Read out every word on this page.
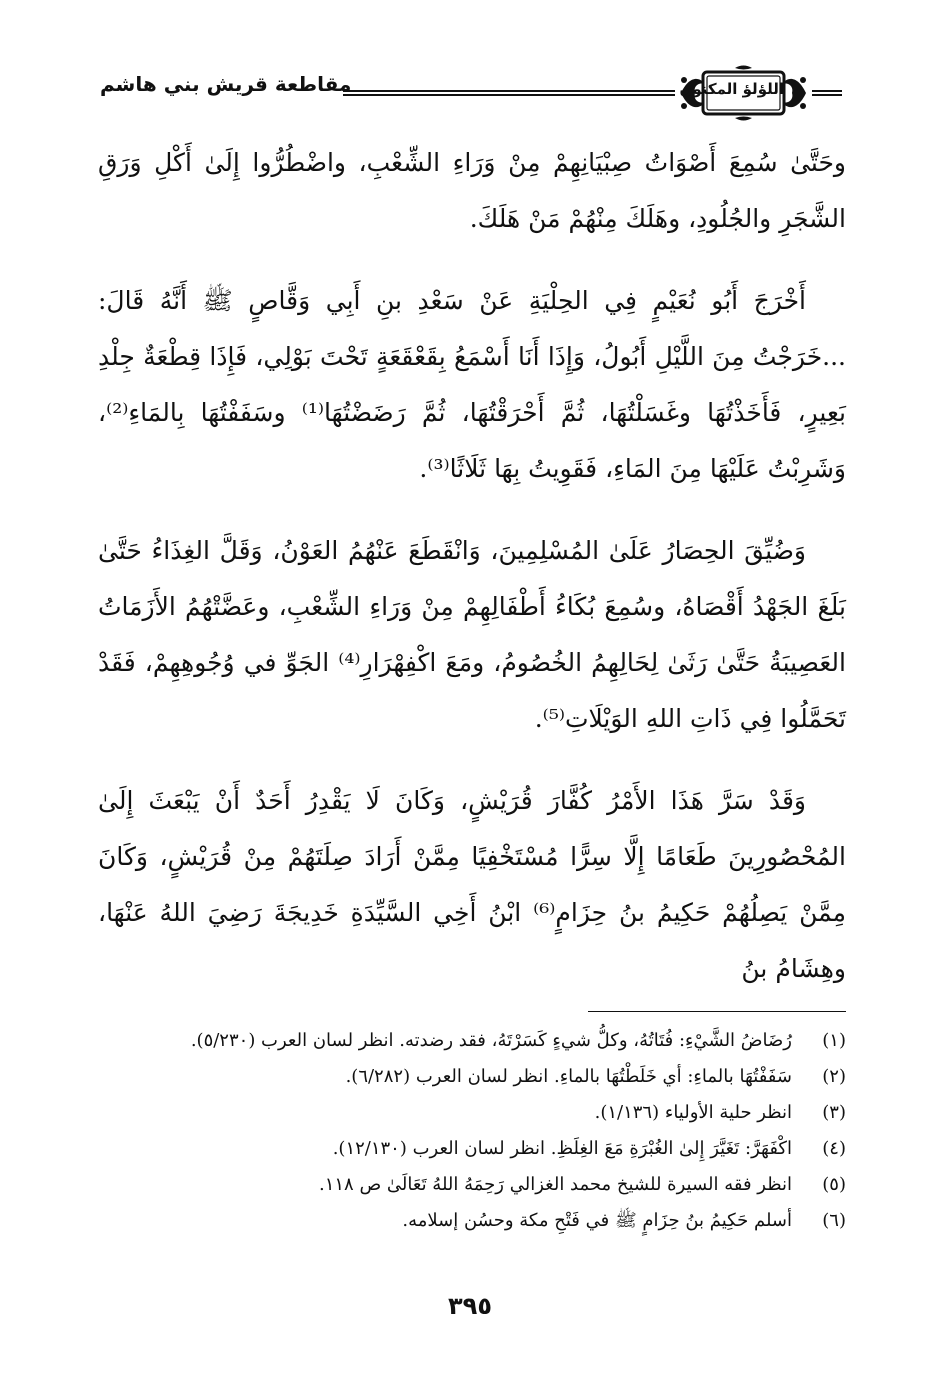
مقاطعة قريش بني هاشم	اللؤلؤ المكنون

وحَتَّىٰ سُمِعَ أَصْوَاتُ صِبْيَانِهِمْ مِنْ وَرَاءِ الشِّعْبِ، واضْطُرُّوا إِلَىٰ أَكْلِ وَرَقِ الشَّجَرِ والجُلُودِ، وهَلَكَ مِنْهُمْ مَنْ هَلَكَ.

أَخْرَجَ أَبُو نُعَيْمٍ فِي الحِلْيَةِ عَنْ سَعْدِ بنِ أَبِي وَقَّاصٍ ﷺ أَنَّهُ قَالَ: ...خَرَجْتُ مِنَ اللَّيْلِ أَبُولُ، وَإِذَا أَنَا أَسْمَعُ بِقَعْقَعَةٍ تَحْتَ بَوْلِي، فَإِذَا قِطْعَةٌ جِلْدِ بَعِيرٍ، فَأَخَذْتُهَا وغَسَلْتُهَا، ثُمَّ أَحْرَقْتُهَا، ثُمَّ رَضَضْتُهَا⁽¹⁾ وسَفَفْتُهَا بِالمَاءِ⁽²⁾، وَشَرِبْتُ عَلَيْهَا مِنَ المَاءِ، فَقَوِيتُ بِهَا ثَلَاثًا⁽³⁾.

وَضُيِّقَ الحِصَارُ عَلَىٰ المُسْلِمِينَ، وَانْقَطَعَ عَنْهُمُ العَوْنُ، وَقَلَّ الغِذَاءُ حَتَّىٰ بَلَغَ الجَهْدُ أَقْصَاهُ، وسُمِعَ بُكَاءُ أَطْفَالِهِمْ مِنْ وَرَاءِ الشِّعْبِ، وعَضَّتْهُمُ الأَزَمَاتُ العَصِيبَةُ حَتَّىٰ رَثَىٰ لِحَالِهِمُ الخُصُومُ، ومَعَ اكْفِهْرَارِ⁽⁴⁾ الجَوِّ في وُجُوهِهِمْ، فَقَدْ تَحَمَّلُوا فِي ذَاتِ اللهِ الوَيْلَاتِ⁽⁵⁾.

وَقَدْ سَرَّ هَذَا الأَمْرُ كُفَّارَ قُرَيْشٍ، وَكَانَ لَا يَقْدِرُ أَحَدٌ أَنْ يَبْعَثَ إِلَىٰ المُحْصُورِينَ طَعَامًا إِلَّا سِرًّا مُسْتَخْفِيًا مِمَّنْ أَرَادَ صِلَتَهُمْ مِنْ قُرَيْشٍ، وَكَانَ مِمَّنْ يَصِلُهُمْ حَكِيمُ بنُ حِزَامٍ⁽⁶⁾ ابْنُ أَخِي السَّيِّدَةِ خَدِيجَةَ رَضِيَ اللهُ عَنْهَا، وهِشَامُ بنُ

(١)
رُضَاضُ الشَّيْءِ: فُتَاتُهُ، وكلُّ شيءٍ كَسَرْتَهُ، فقد رضدته. انظر لسان العرب (٥/٢٣٠).
(٢)
سَفَفْتُهَا بالماءِ: أي خَلَطْتُهَا بالماءِ. انظر لسان العرب (٦/٢٨٢).
(٣)
انظر حلية الأولياء (١/١٣٦).
(٤)
اكْفَهَرَّ: تَغَيَّرَ إِلىٰ الغُبْرَةِ مَعَ الغِلَظِ. انظر لسان العرب (١٢/١٣٠).
(٥)
انظر فقه السيرة للشيخ محمد الغزالي رَحِمَهُ اللهُ تَعَالَىٰ ص ١١٨.
(٦)
أسلم حَكِيمُ بنُ حِزَامٍ ﷺ في فَتْحِ مكة وحسُن إسلامه.
٣٩٥
